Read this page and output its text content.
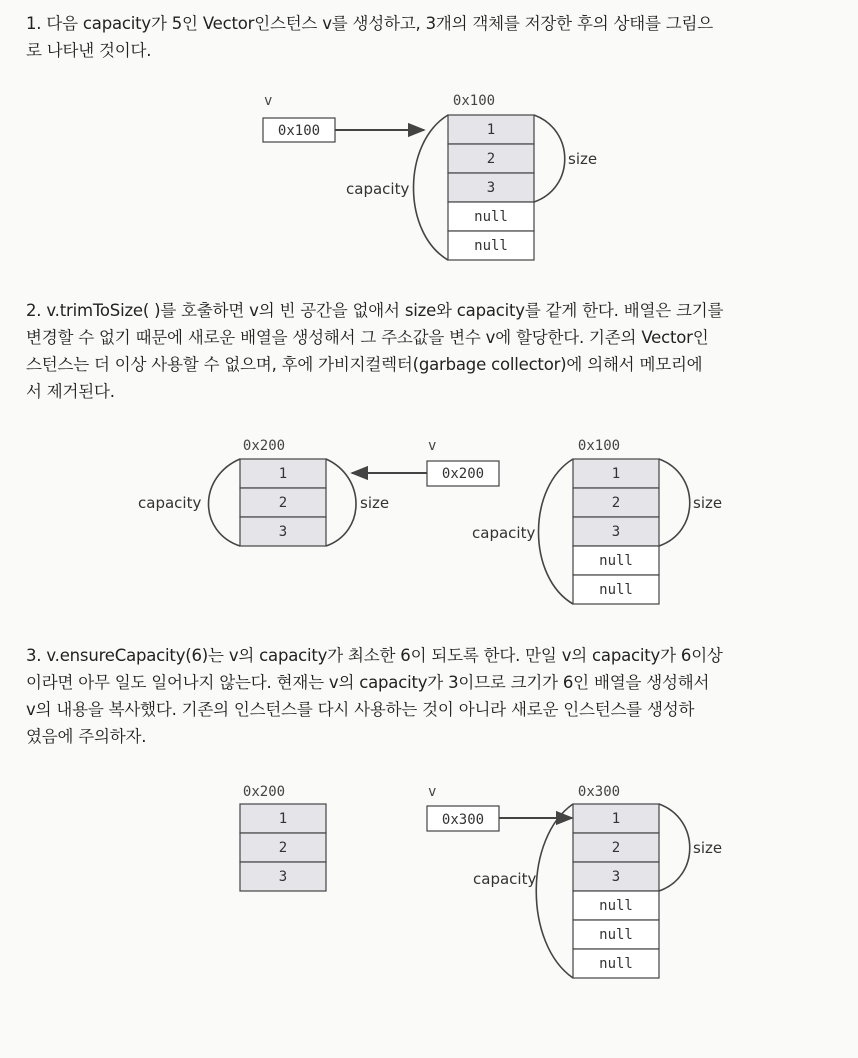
1. 다음 capacity가 5인 Vector인스턴스 v를 생성하고, 3개의 객체를 저장한 후의 상태를 그림으
로 나타낸 것이다.
v
0x100
0x100
1
2
3
null
null
size
capacity
2. v.trimToSize( )를 호출하면 v의 빈 공간을 없애서 size와 capacity를 같게 한다. 배열은 크기를
변경할 수 없기 때문에 새로운 배열을 생성해서 그 주소값을 변수 v에 할당한다. 기존의 Vector인
스턴스는 더 이상 사용할 수 없으며, 후에 가비지컬렉터(garbage collector)에 의해서 메모리에
서 제거된다.
0x200
1
2
3
capacity	size
v
0x200
0x100
1
2
3
null
null
size
capacity
3. v.ensureCapacity(6)는 v의 capacity가 최소한 6이 되도록 한다. 만일 v의 capacity가 6이상
이라면 아무 일도 일어나지 않는다. 현재는 v의 capacity가 3이므로 크기가 6인 배열을 생성해서
v의 내용을 복사했다. 기존의 인스턴스를 다시 사용하는 것이 아니라 새로운 인스턴스를 생성하
였음에 주의하자.
0x200
1
2
3
v
0x300
0x300
1
2
3
null
null
null
size
capacity
